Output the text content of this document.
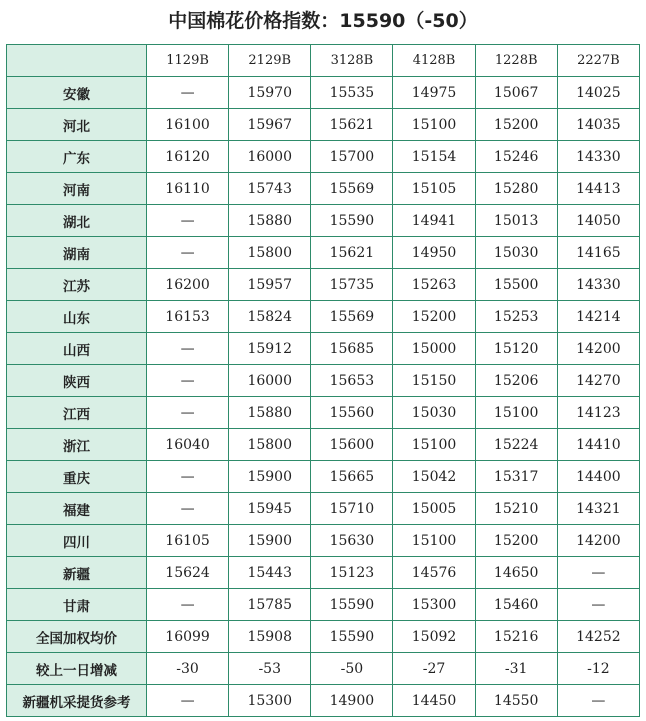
中国棉花价格指数：15590（-50）
	1129B	2129B	3128B	4128B	1228B	2227B
安徽	—	15970	15535	14975	15067	14025
河北	16100	15967	15621	15100	15200	14035
广东	16120	16000	15700	15154	15246	14330
河南	16110	15743	15569	15105	15280	14413
湖北	—	15880	15590	14941	15013	14050
湖南	—	15800	15621	14950	15030	14165
江苏	16200	15957	15735	15263	15500	14330
山东	16153	15824	15569	15200	15253	14214
山西	—	15912	15685	15000	15120	14200
陕西	—	16000	15653	15150	15206	14270
江西	—	15880	15560	15030	15100	14123
浙江	16040	15800	15600	15100	15224	14410
重庆	—	15900	15665	15042	15317	14400
福建	—	15945	15710	15005	15210	14321
四川	16105	15900	15630	15100	15200	14200
新疆	15624	15443	15123	14576	14650	—
甘肃	—	15785	15590	15300	15460	—
全国加权均价	16099	15908	15590	15092	15216	14252
较上一日增减	-30	-53	-50	-27	-31	-12
新疆机采提货参考	—	15300	14900	14450	14550	—
